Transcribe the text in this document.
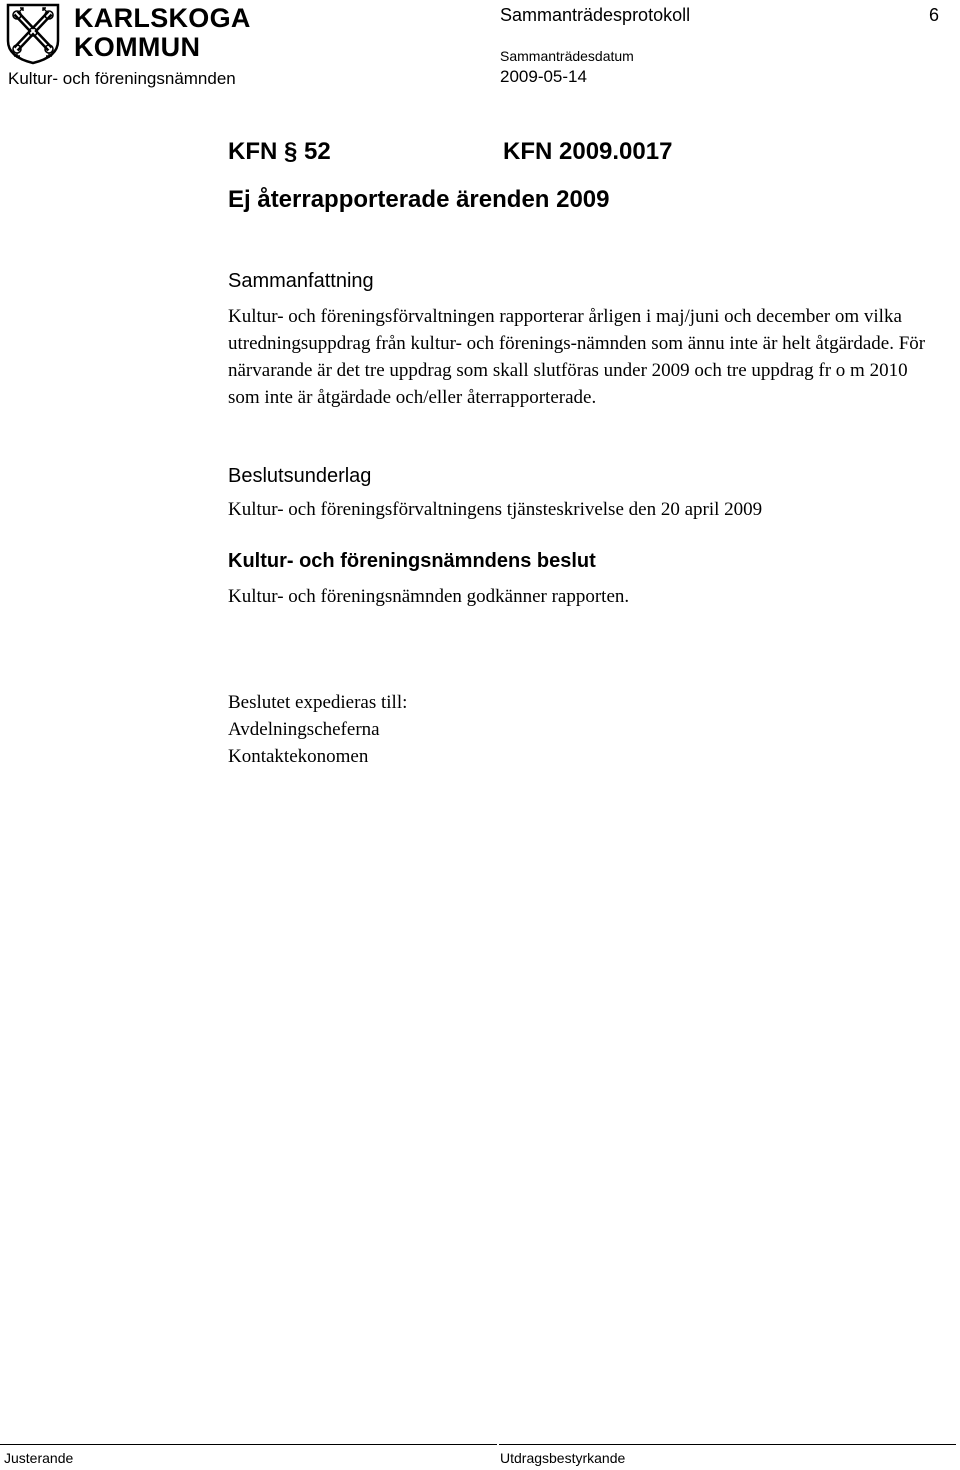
KARLSKOGA
KOMMUN
Kultur- och föreningsnämnden
Sammanträdesprotokoll	6
Sammanträdesdatum
2009-05-14
KFN § 52	KFN 2009.0017
Ej återrapporterade ärenden 2009
Sammanfattning
Kultur- och föreningsförvaltningen rapporterar årligen i maj/juni och december om vilka utredningsuppdrag från kultur- och förenings-nämnden som ännu inte är helt åtgärdade. För närvarande är det tre uppdrag som skall slutföras under 2009 och tre uppdrag fr o m 2010 som inte är åtgärdade och/eller återrapporterade.
Beslutsunderlag
Kultur- och föreningsförvaltningens tjänsteskrivelse den 20 april 2009
Kultur- och föreningsnämndens beslut
Kultur- och föreningsnämnden godkänner rapporten.
Beslutet expedieras till:
Avdelningscheferna
Kontaktekonomen
Justerande	Utdragsbestyrkande
